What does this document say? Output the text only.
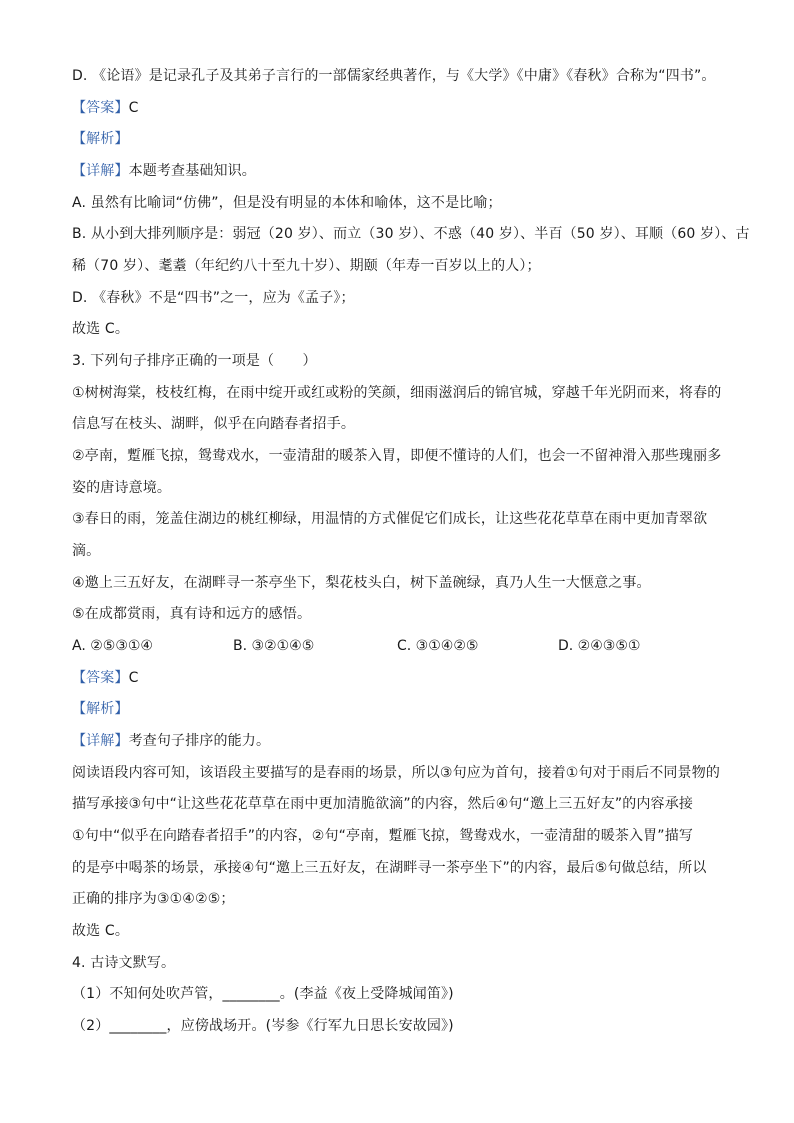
D. 《论语》是记录孔子及其弟子言行的一部儒家经典著作，与《大学》《中庸》《春秋》合称为“四书”。
【答案】C
【解析】
【详解】本题考查基础知识。
A. 虽然有比喻词“仿佛”，但是没有明显的本体和喻体，这不是比喻；
B. 从小到大排列顺序是：弱冠（20 岁）、而立（30 岁）、不惑（40 岁）、半百（50 岁）、耳顺（60 岁）、古
稀（70 岁）、耄耋（年纪约八十至九十岁）、期颐（年寿一百岁以上的人）；
D. 《春秋》不是“四书”之一，应为《孟子》；
故选 C。
3. 下列句子排序正确的一项是（　　）
①树树海棠，枝枝红梅，在雨中绽开或红或粉的笑颜，细雨滋润后的锦官城，穿越千年光阴而来，将春的
信息写在枝头、湖畔，似乎在向踏春者招手。
②亭南，蹔雁飞掠，鸳鸯戏水，一壶清甜的暖茶入胃，即便不懂诗的人们，也会一不留神滑入那些瑰丽多
姿的唐诗意境。
③春日的雨，笼盖住湖边的桃红柳绿，用温情的方式催促它们成长，让这些花花草草在雨中更加青翠欲
滴。
④邀上三五好友，在湖畔寻一茶亭坐下，梨花枝头白，树下盖碗绿，真乃人生一大惬意之事。
⑤在成都赏雨，真有诗和远方的感悟。
A. ②⑤③①④	B. ③②①④⑤	C. ③①④②⑤	D. ②④③⑤①
【答案】C
【解析】
【详解】考查句子排序的能力。
阅读语段内容可知，该语段主要描写的是春雨的场景，所以③句应为首句，接着①句对于雨后不同景物的
描写承接③句中“让这些花花草草在雨中更加清脆欲滴”的内容，然后④句“邀上三五好友”的内容承接
①句中“似乎在向踏春者招手”的内容，②句“亭南，蹔雁飞掠，鸳鸯戏水，一壶清甜的暖茶入胃”描写
的是亭中喝茶的场景，承接④句“邀上三五好友，在湖畔寻一茶亭坐下”的内容，最后⑤句做总结，所以
正确的排序为③①④②⑤；
故选 C。
4. 古诗文默写。
（1）不知何处吹芦管，________。(李益《夜上受降城闻笛》)
（2）________，应傍战场开。(岑参《行军九日思长安故园》)
